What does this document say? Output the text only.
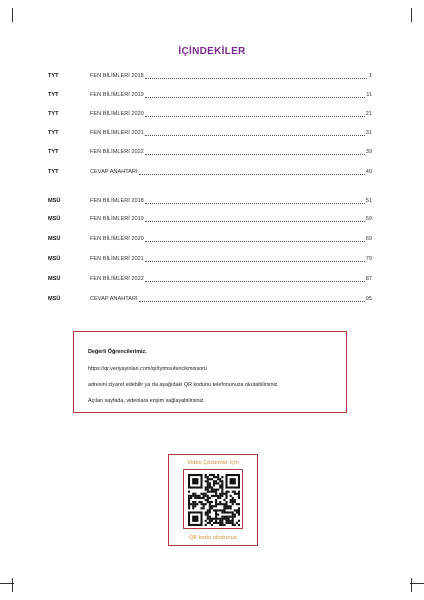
İÇİNDEKİLER
TYT	FEN BİLİMLERİ 2018	1
TYT	FEN BİLİMLERİ 2019	11
TYT	FEN BİLİMLERİ 2020	21
TYT	FEN BİLİMLERİ 2021	31
TYT	FEN BİLİMLERİ 2022	39
TYT	CEVAP ANAHTARI	49
MSÜ	FEN BİLİMLERİ 2018	51
MSÜ	FEN BİLİMLERİ 2019	59
MSÜ	FEN BİLİMLERİ 2020	69
MSÜ	FEN BİLİMLERİ 2021	79
MSÜ	FEN BİLİMLERİ 2022	87
MSÜ	CEVAP ANAHTARI	95
Değerli Öğrencilerimiz,
https://qr.veriyayinlari.com/qr/tytmsufencikmissoru
adresini ziyaret edebilir ya da aşağıdaki QR kodunu telefonunuza okutabilirsiniz.
Açılan sayfada, videolara erişim sağlayabilirsiniz.
Video Çözümler için
QR kodu okutunuz
